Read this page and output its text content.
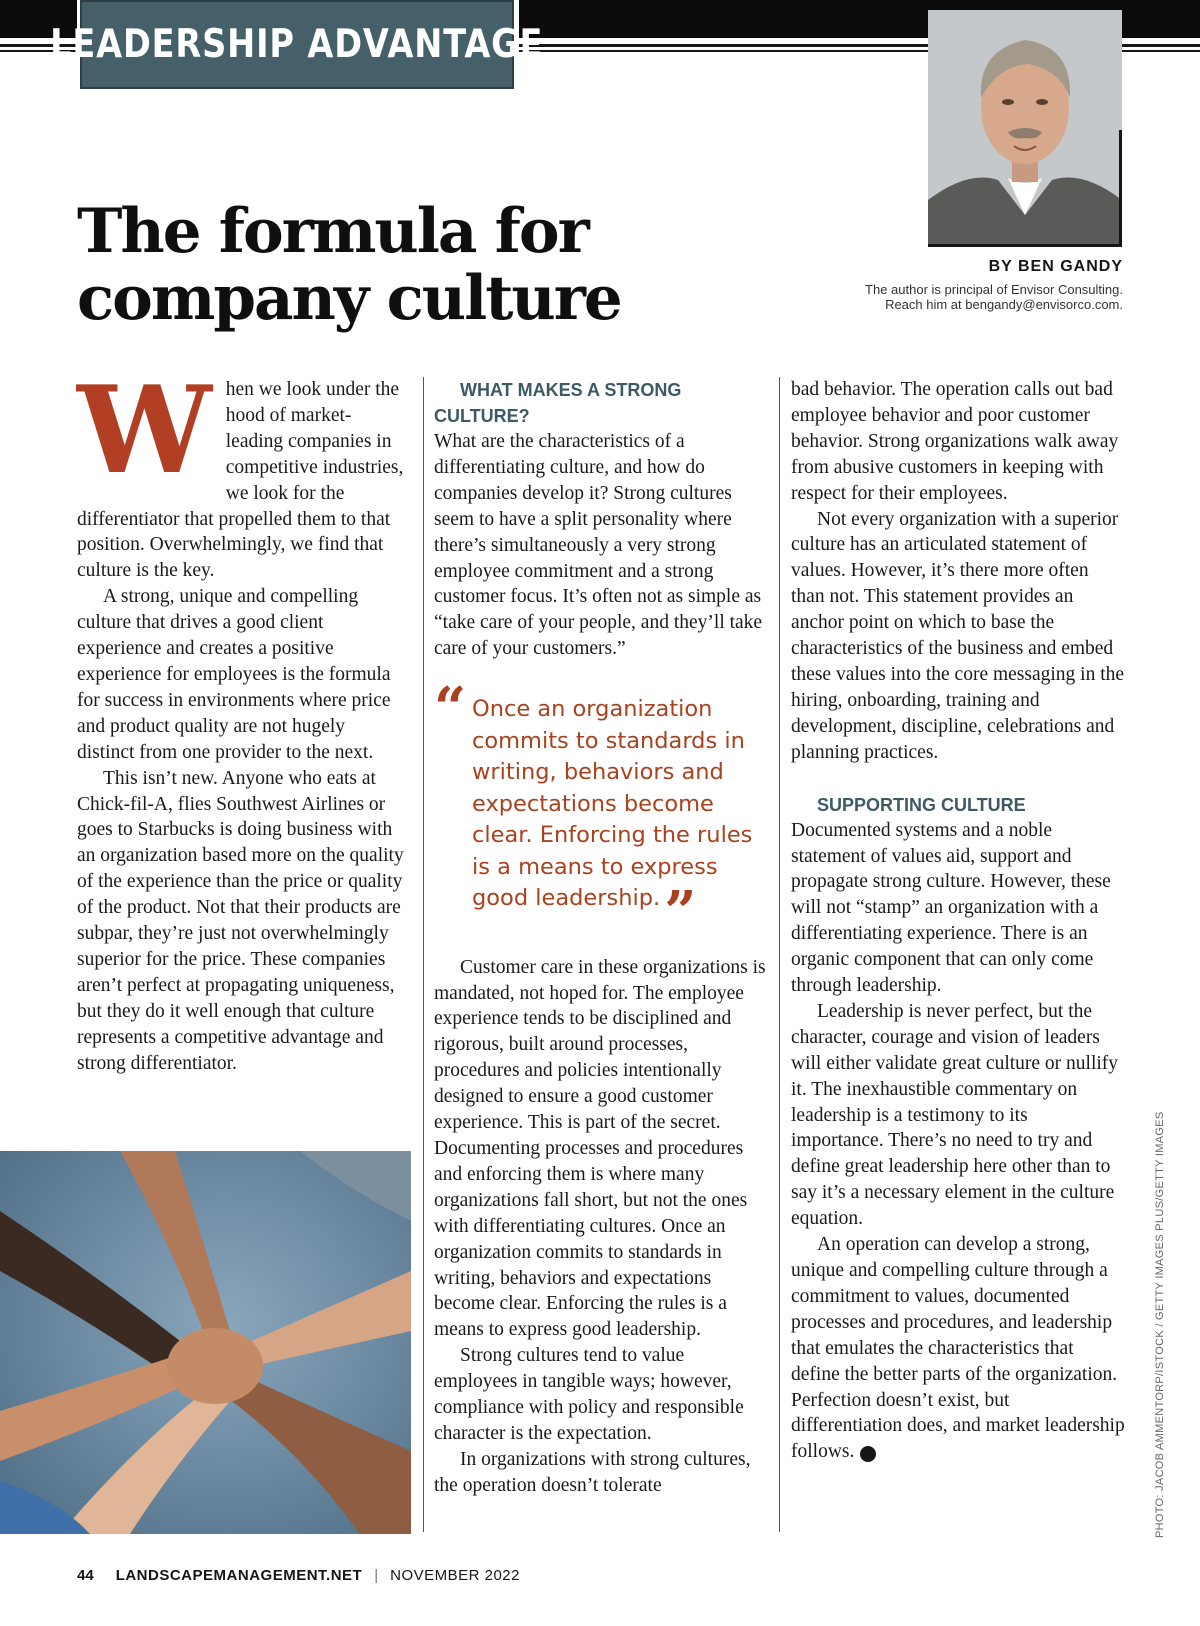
LEADERSHIP ADVANTAGE
The formula for
company culture	BY BEN GANDY
The author is principal of Envisor Consulting. Reach him at bengandy@envisorco.com.
W hen we look under the hood of market-leading companies in competitive industries, we look for the differentiator that propelled them to that position. Overwhelmingly, we find that culture is the key.

A strong, unique and compelling culture that drives a good client experience and creates a positive experience for employees is the formula for success in environments where price and product quality are not hugely distinct from one provider to the next.

This isn’t new. Anyone who eats at Chick-fil-A, flies Southwest Airlines or goes to Starbucks is doing business with an organization based more on the quality of the experience than the price or quality of the product. Not that their products are subpar, they’re just not overwhelmingly superior for the price. These companies aren’t perfect at propagating uniqueness, but they do it well enough that culture represents a competitive advantage and strong differentiator.

WHAT MAKES A STRONG CULTURE?

What are the characteristics of a differentiating culture, and how do companies develop it? Strong cultures seem to have a split personality where there’s simultaneously a very strong employee commitment and a strong customer focus. It’s often not as simple as “take care of your people, and they’ll take care of your customers.”

“ Once an organization commits to standards in writing, behaviors and expectations become clear. Enforcing the rules is a means to express good leadership.”

Customer care in these organizations is mandated, not hoped for. The employee experience tends to be disciplined and rigorous, built around processes, procedures and policies intentionally designed to ensure a good customer experience. This is part of the secret. Documenting processes and procedures and enforcing them is where many organizations fall short, but not the ones with differentiating cultures. Once an organization commits to standards in writing, behaviors and expectations become clear. Enforcing the rules is a means to express good leadership.

Strong cultures tend to value employees in tangible ways; however, compliance with policy and responsible character is the expectation.

In organizations with strong cultures, the operation doesn’t tolerate

bad behavior. The operation calls out bad employee behavior and poor customer behavior. Strong organizations walk away from abusive customers in keeping with respect for their employees.

Not every organization with a superior culture has an articulated statement of values. However, it’s there more often than not. This statement provides an anchor point on which to base the characteristics of the business and embed these values into the core messaging in the hiring, onboarding, training and development, discipline, celebrations and planning practices.

SUPPORTING CULTURE

Documented systems and a noble statement of values aid, support and propagate strong culture. However, these will not “stamp” an organization with a differentiating experience. There is an organic component that can only come through leadership.

Leadership is never perfect, but the character, courage and vision of leaders will either validate great culture or nullify it. The inexhaustible commentary on leadership is a testimony to its importance. There’s no need to try and define great leadership here other than to say it’s a necessary element in the culture equation.

An operation can develop a strong, unique and compelling culture through a commitment to values, documented processes and procedures, and leadership that emulates the characteristics that define the better parts of the organization. Perfection doesn’t exist, but differentiation does, and market leadership follows.	LM	PHOTO: JACOB AMMENTORP/ISTOCK / GETTY IMAGES PLUS/GETTY IMAGES
44 LANDSCAPEMANAGEMENT.NET | NOVEMBER 2022
